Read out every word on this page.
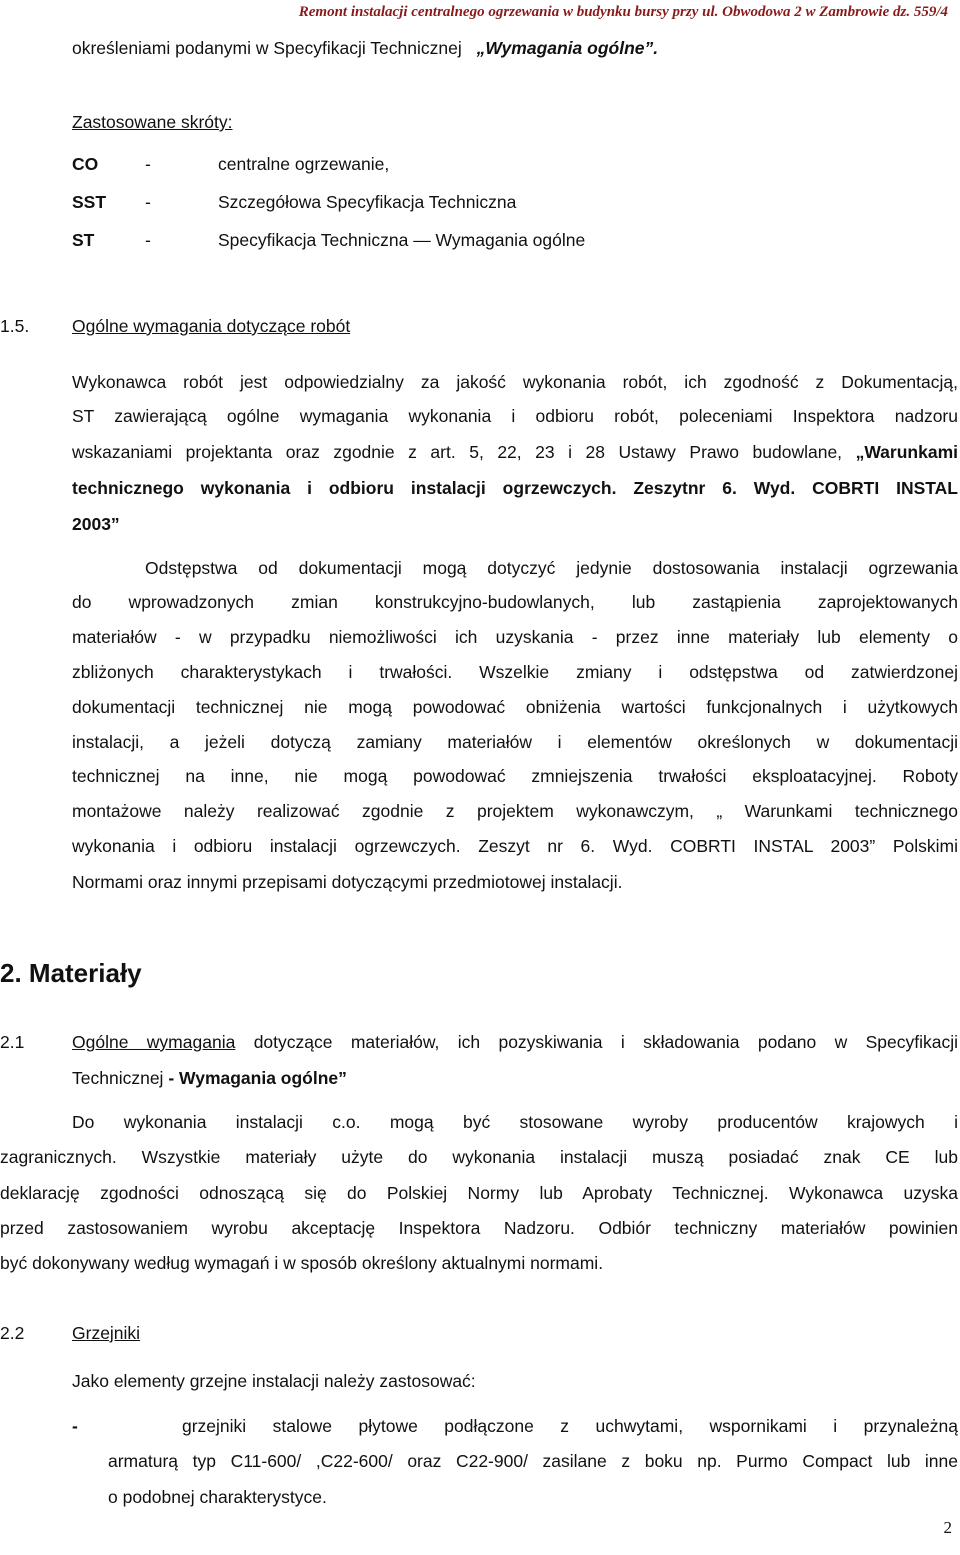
Remont instalacji centralnego ogrzewania w budynku bursy przy ul. Obwodowa 2 w Zambrowie dz. 559/4
określeniami podanymi w Specyfikacji Technicznej „Wymagania ogólne”.
Zastosowane skróty:
CO	-	centralne ogrzewanie,
SST -	Szczegółowa Specyfikacja Techniczna
ST	-	Specyfikacja Techniczna — Wymagania ogólne
1.5. Ogólne wymagania dotyczące robót
Wykonawca robót jest odpowiedzialny za jakość wykonania robót, ich zgodność z Dokumentacją,
ST zawierającą ogólne wymagania wykonania i odbioru robót, poleceniami Inspektora nadzoru
wskazaniami projektanta oraz zgodnie z art. 5, 22, 23 i 28 Ustawy Prawo budowlane, „Warunkami
technicznego wykonania i odbioru instalacji ogrzewczych. Zeszytnr 6. Wyd. COBRTI INSTAL
2003”
Odstępstwa od dokumentacji mogą dotyczyć jedynie dostosowania instalacji ogrzewania
do wprowadzonych zmian konstrukcyjno-budowlanych, lub zastąpienia zaprojektowanych
materiałów - w przypadku niemożliwości ich uzyskania - przez inne materiały lub elementy o
zbliżonych charakterystykach i trwałości. Wszelkie zmiany i odstępstwa od zatwierdzonej
dokumentacji technicznej nie mogą powodować obniżenia wartości funkcjonalnych i użytkowych
instalacji, a jeżeli dotyczą zamiany materiałów i elementów określonych w dokumentacji
technicznej na inne, nie mogą powodować zmniejszenia trwałości eksploatacyjnej. Roboty
montażowe należy realizować zgodnie z projektem wykonawczym, „ Warunkami technicznego
wykonania i odbioru instalacji ogrzewczych. Zeszyt nr 6. Wyd. COBRTI INSTAL 2003” Polskimi
Normami oraz innymi przepisami dotyczącymi przedmiotowej instalacji.
2. Materiały
2.1	Ogólne wymagania dotyczące materiałów, ich pozyskiwania i składowania podano w Specyfikacji
Technicznej - Wymagania ogólne”
Do wykonania instalacji c.o. mogą być stosowane wyroby producentów krajowych i
zagranicznych. Wszystkie materiały użyte do wykonania instalacji muszą posiadać znak CE lub
deklarację zgodności odnoszącą się do Polskiej Normy lub Aprobaty Technicznej. Wykonawca uzyska
przed zastosowaniem wyrobu akceptację Inspektora Nadzoru. Odbiór techniczny materiałów powinien
być dokonywany według wymagań i w sposób określony aktualnymi normami.
2.2	Grzejniki
Jako elementy grzejne instalacji należy zastosować:
-	grzejniki stalowe płytowe podłączone z uchwytami, wspornikami i przynależną
armaturą typ C11-600/ ,C22-600/ oraz C22-900/ zasilane z boku np. Purmo Compact lub inne
o podobnej charakterystyce.
2
